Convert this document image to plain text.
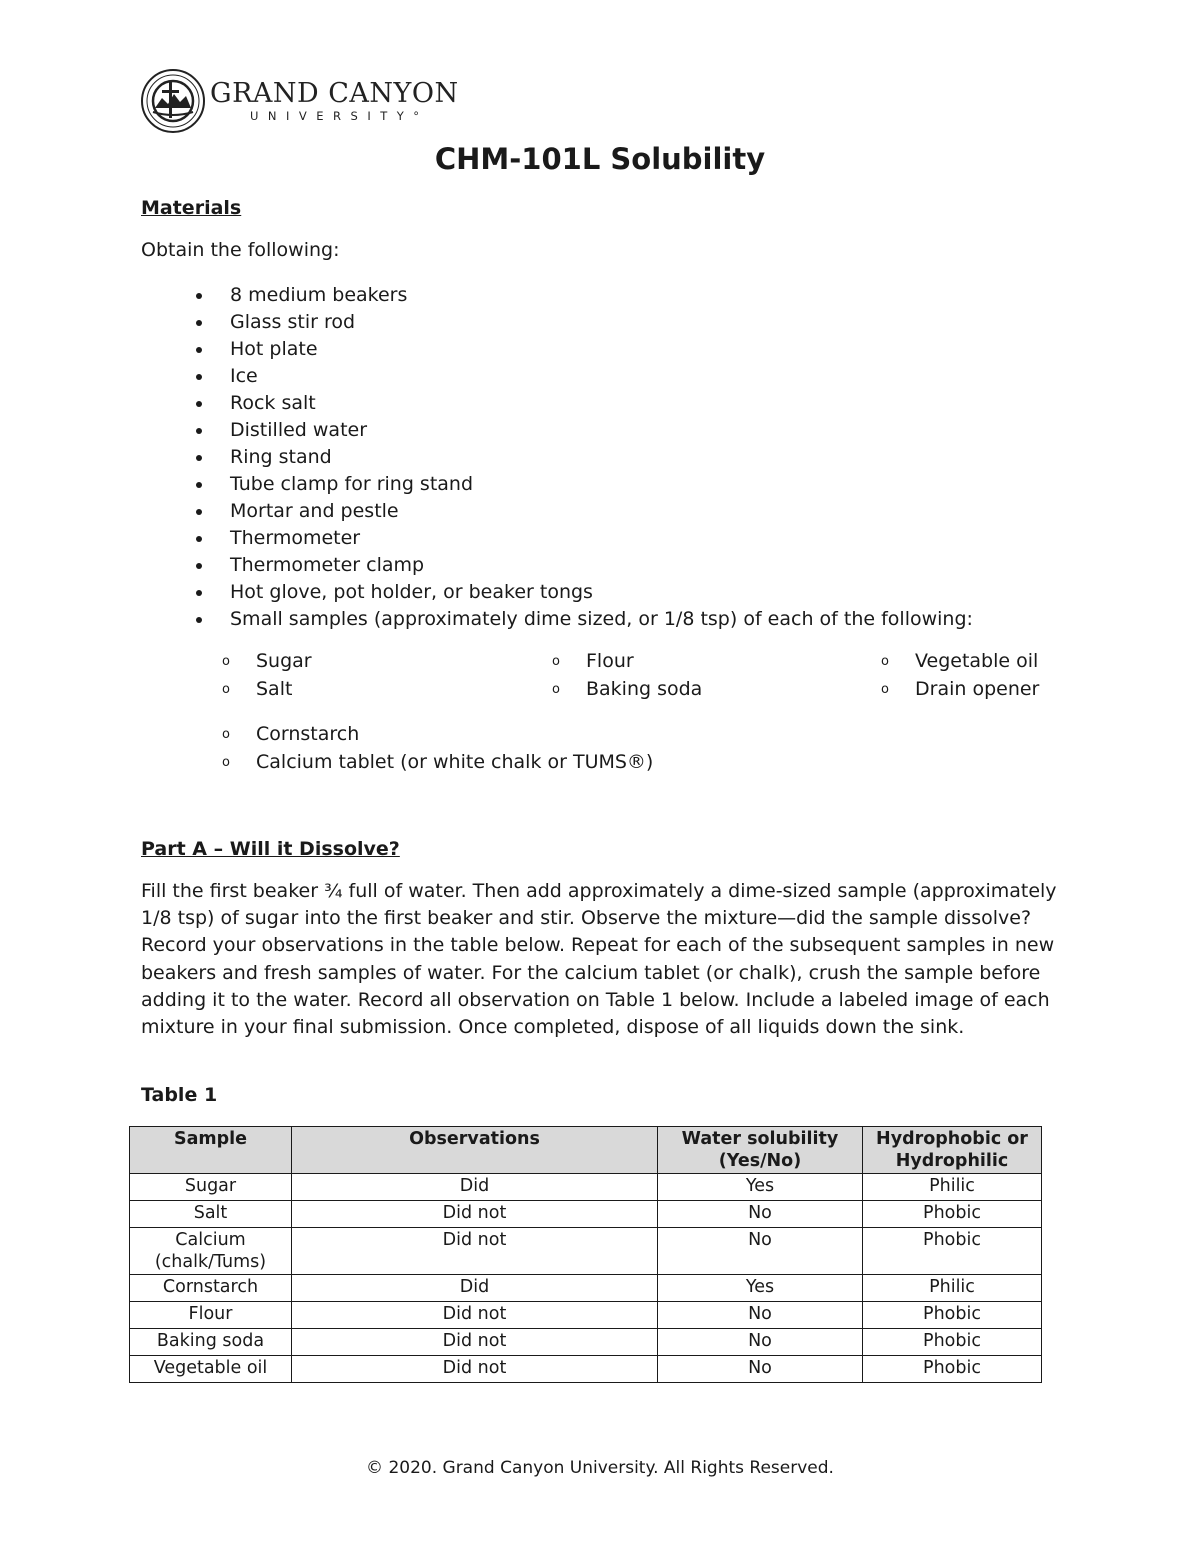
GRAND CANYON
UNIVERSITY°
CHM-101L Solubility

Materials

Obtain the following:

8 medium beakers
Glass stir rod
Hot plate
Ice
Rock salt
Distilled water
Ring stand
Tube clamp for ring stand
Mortar and pestle
Thermometer
Thermometer clamp
Hot glove, pot holder, or beaker tongs
Small samples (approximately dime sized, or 1/8 tsp) of each of the following:
o Sugar
o Salt
o Flour
o Baking soda
o Vegetable oil
o Drain opener
o Cornstarch
o Calcium tablet (or white chalk or TUMS®)

Part A – Will it Dissolve?

Fill the first beaker ¾ full of water. Then add approximately a dime-sized sample (approximately 1/8 tsp) of sugar into the first beaker and stir. Observe the mixture—did the sample dissolve? Record your observations in the table below. Repeat for each of the subsequent samples in new beakers and fresh samples of water. For the calcium tablet (or chalk), crush the sample before adding it to the water. Record all observation on Table 1 below. Include a labeled image of each mixture in your final submission. Once completed, dispose of all liquids down the sink.

Table 1

Sample	Observations	Water solubility (Yes/No)	Hydrophobic or Hydrophilic
Sugar	Did	Yes	Philic
Salt	Did not	No	Phobic
Calcium (chalk/Tums)	Did not	No	Phobic
Cornstarch	Did	Yes	Philic
Flour	Did not	No	Phobic
Baking soda	Did not	No	Phobic
Vegetable oil	Did not	No	Phobic
© 2020. Grand Canyon University. All Rights Reserved.
